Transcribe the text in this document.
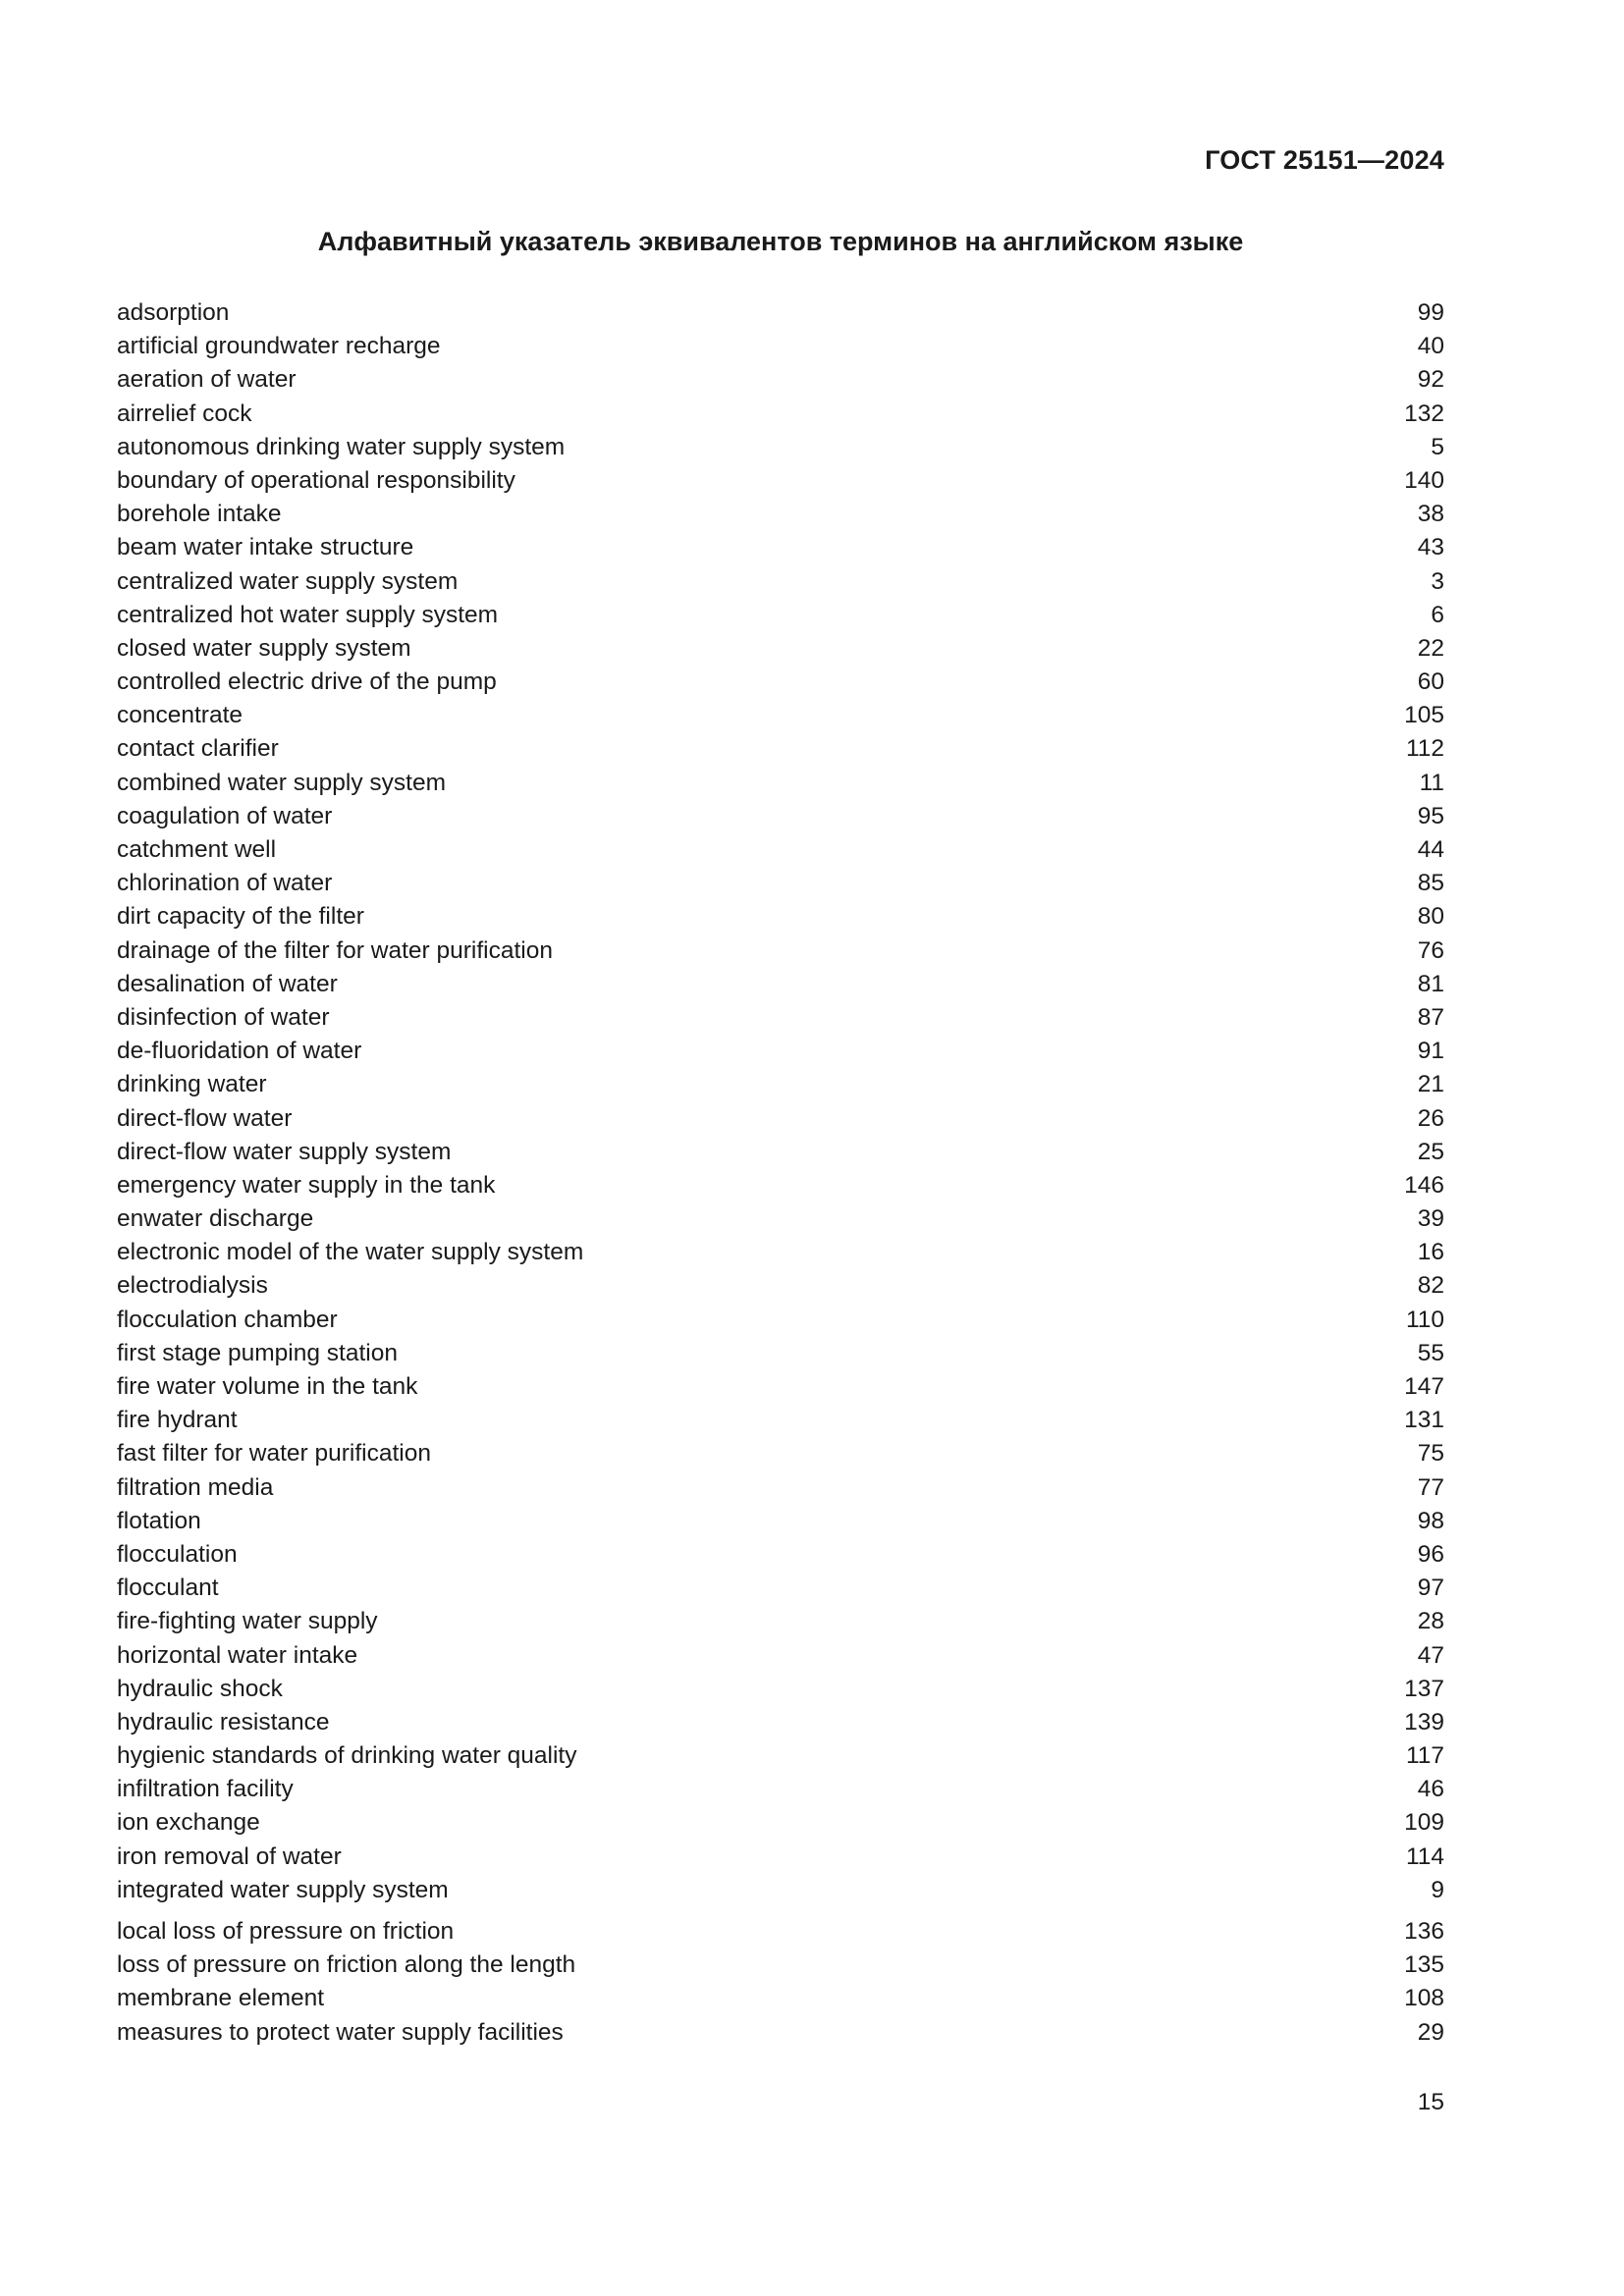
ГОСТ 25151—2024
Алфавитный указатель эквивалентов терминов на английском языке
adsorption	99
artificial groundwater recharge	40
aeration of water	92
airrelief cock	132
autonomous drinking water supply system	5
boundary of operational responsibility	140
borehole intake	38
beam water intake structure	43
centralized water supply system	3
centralized hot water supply system	6
closed water supply system	22
controlled electric drive of the pump	60
concentrate	105
contact clarifier	112
combined water supply system	11
coagulation of water	95
catchment well	44
chlorination of water	85
dirt capacity of the filter	80
drainage of the filter for water purification	76
desalination of water	81
disinfection of water	87
de-fluoridation of water	91
drinking water	21
direct-flow water	26
direct-flow water supply system	25
emergency water supply in the tank	146
enwater discharge	39
electronic model of the water supply system	16
electrodialysis	82
flocculation chamber	110
first stage pumping station	55
fire water volume in the tank	147
fire hydrant	131
fast filter for water purification	75
filtration media	77
flotation	98
flocculation	96
flocculant	97
fire-fighting water supply	28
horizontal water intake	47
hydraulic shock	137
hydraulic resistance	139
hygienic standards of drinking water quality	117
infiltration facility	46
ion exchange	109
iron removal of water	114
integrated water supply system	9
local loss of pressure on friction	136
loss of pressure on friction along the length	135
membrane element	108
measures to protect water supply facilities	29
15
